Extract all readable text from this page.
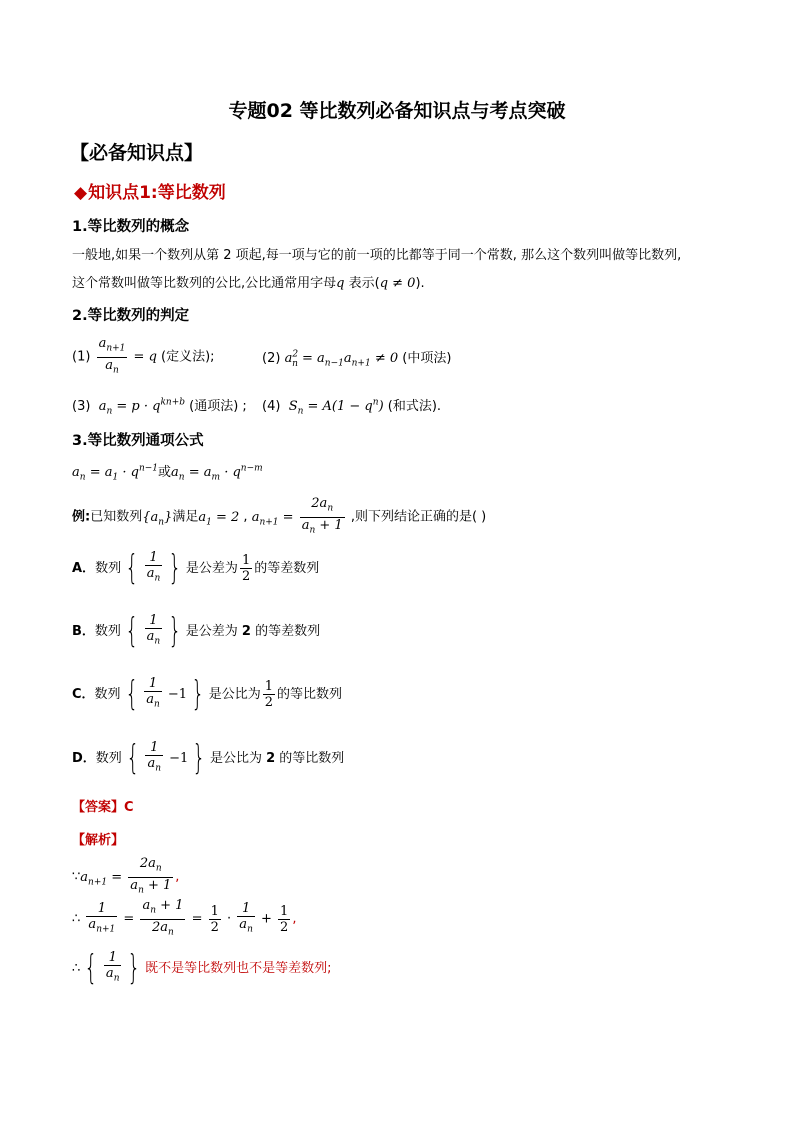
专题02 等比数列必备知识点与考点突破
【必备知识点】
◆知识点1:等比数列
1.等比数列的概念
一般地,如果一个数列从第 2 项起,每一项与它的前一项的比都等于同一个常数, 那么这个数列叫做等比数列,
这个常数叫做等比数列的公比,公比通常用字母q 表示(q ≠ 0).
2.等比数列的判定
$(1) \frac{a_{n+1}}{a_n} = q$ (定义法);	(2) $a^2_n = a_{n-1}a_{n+1} \ne 0$ (中项法)
(3) $a_n = p \cdot q^{kn+b}$ (通项法) ; (4) $S_n = A(1 - q^n)$ (和式法).
3.等比数列通项公式
$a_n = a_1 \cdot q^{n-1}$或$a_n = a_m \cdot q^{n-m}$
例:已知数列$\{a_n\}$满足$a_1 = 2$ , $a_{n+1} = \frac{2a_n}{a_n + 1}$ ,则下列结论正确的是( )
A．数列 { $\frac{1}{a_n}$ } 是公差为 $\frac{1}{2}$ 的等差数列
B．数列 { $\frac{1}{a_n}$ } 是公差为 2 的等差数列
C．数列 { $\frac{1}{a_n} -1$ } 是公比为 $\frac{1}{2}$ 的等比数列
D．数列 { $\frac{1}{a_n} -1$ } 是公比为 2 的等比数列
【答案】C
【解析】
$\because a_{n+1} = \frac{2a_n}{a_n + 1}$ ,
∴ $\frac{1}{a_{n+1}} = \frac{a_n + 1}{2a_n} = \frac{1}{2} \cdot \frac{1}{a_n} + \frac{1}{2}$ ,
∴ { $\frac{1}{a_n}$ } 既不是等比数列也不是等差数列;
